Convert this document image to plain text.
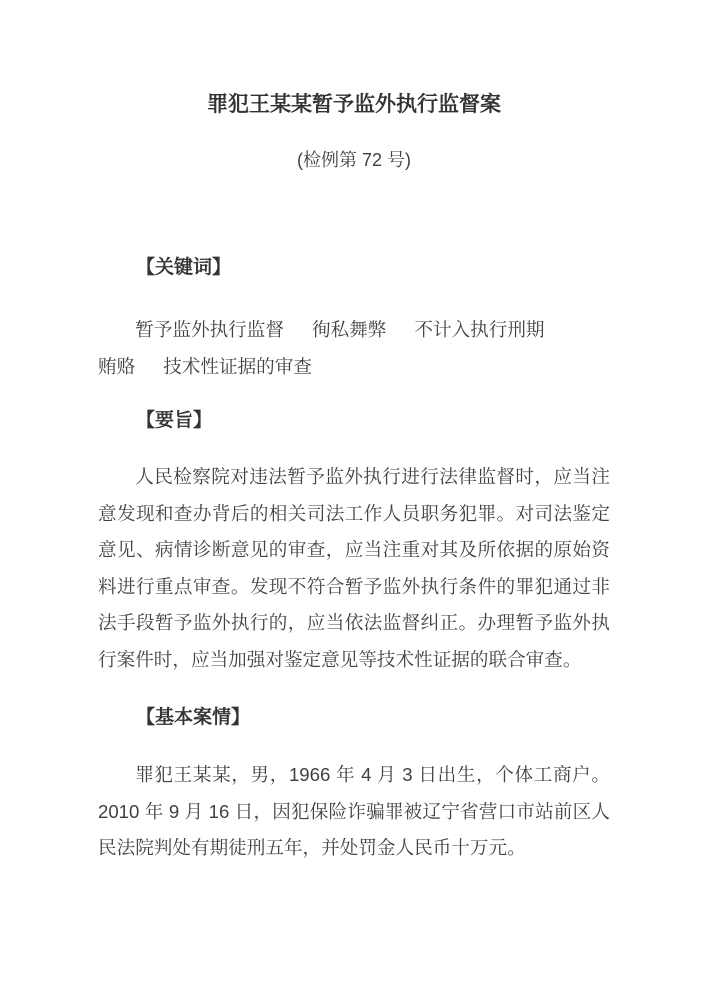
罪犯王某某暂予监外执行监督案

(检例第 72 号)

【关键词】
暂予监外执行监督 徇私舞弊 不计入执行刑期
贿赂 技术性证据的审查
【要旨】

人民检察院对违法暂予监外执行进行法律监督时，应当注意发现和查办背后的相关司法工作人员职务犯罪。对司法鉴定意见、病情诊断意见的审查，应当注重对其及所依据的原始资料进行重点审查。发现不符合暂予监外执行条件的罪犯通过非法手段暂予监外执行的，应当依法监督纠正。办理暂予监外执行案件时，应当加强对鉴定意见等技术性证据的联合审查。

【基本案情】

罪犯王某某，男，1966 年 4 月 3 日出生，个体工商户。2010 年 9 月 16 日，因犯保险诈骗罪被辽宁省营口市站前区人民法院判处有期徒刑五年，并处罚金人民币十万元。
